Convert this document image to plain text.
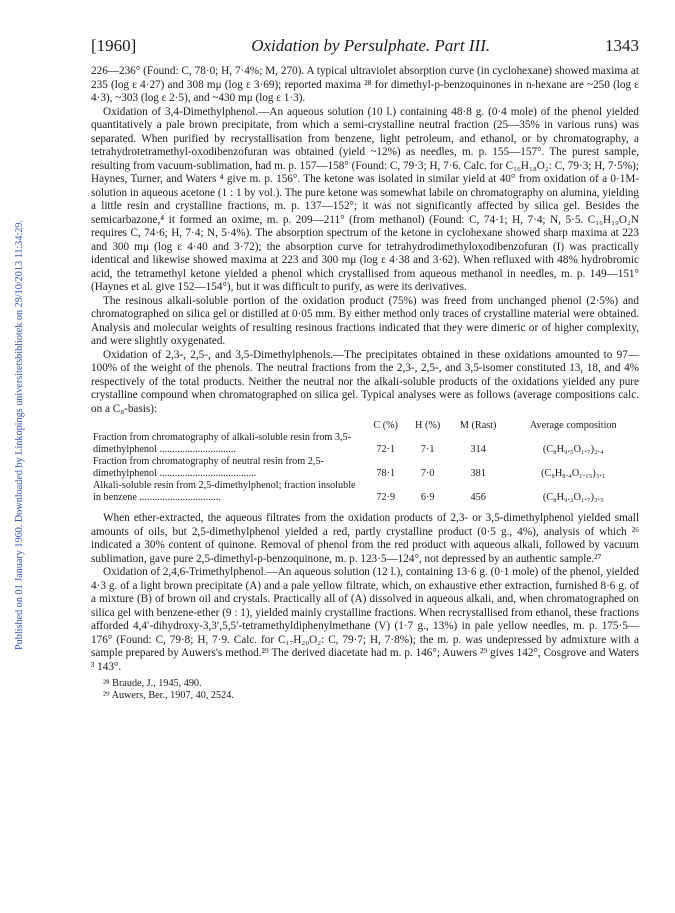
Published on 01 January 1960. Downloaded by Linkopings universitetsbibliotek on 29/10/2013 11:34:29.
[1960]	Oxidation by Persulphate. Part III.	1343

226—236° (Found: C, 78·0; H, 7·4%; M, 270). A typical ultraviolet absorption curve (in cyclohexane) showed maxima at 235 (log ε 4·27) and 308 mμ (log ε 3·69); reported maxima ²⁸ for dimethyl-p-benzoquinones in n-hexane are ~250 (log ε 4·3), ~303 (log ε 2·5), and ~430 mμ (log ε 1·3).

Oxidation of 3,4-Dimethylphenol.—An aqueous solution (10 l.) containing 48·8 g. (0·4 mole) of the phenol yielded quantitatively a pale brown precipitate, from which a semi-crystalline neutral fraction (25—35% in various runs) was separated. When purified by recrystallisation from benzene, light petroleum, and ethanol, or by chromatography, a tetrahydrotetramethyl-oxodibenzofuran was obtained (yield ~12%) as needles, m. p. 155—157°. The purest sample, resulting from vacuum-sublimation, had m. p. 157—158° (Found: C, 79·3; H, 7·6. Calc. for C₁₆H₁₈O₂: C, 79·3; H, 7·5%); Haynes, Turner, and Waters ⁴ give m. p. 156°. The ketone was isolated in similar yield at 40° from oxidation of a 0·1M-solution in aqueous acetone (1 : 1 by vol.). The pure ketone was somewhat labile on chromatography on alumina, yielding a little resin and crystalline fractions, m. p. 137—152°; it was not significantly affected by silica gel. Besides the semicarbazone,⁴ it formed an oxime, m. p. 209—211° (from methanol) (Found: C, 74·1; H, 7·4; N, 5·5. C₁₆H₁₉O₂N requires C, 74·6; H, 7·4; N, 5·4%). The absorption spectrum of the ketone in cyclohexane showed sharp maxima at 223 and 300 mμ (log ε 4·40 and 3·72); the absorption curve for tetrahydrodimethyloxodibenzofuran (I) was practically identical and likewise showed maxima at 223 and 300 mμ (log ε 4·38 and 3·62). When refluxed with 48% hydrobromic acid, the tetramethyl ketone yielded a phenol which crystallised from aqueous methanol in needles, m. p. 149—151° (Haynes et al. give 152—154°), but it was difficult to purify, as were its derivatives.

The resinous alkali-soluble portion of the oxidation product (75%) was freed from unchanged phenol (2·5%) and chromatographed on silica gel or distilled at 0·05 mm. By either method only traces of crystalline material were obtained. Analysis and molecular weights of resulting resinous fractions indicated that they were dimeric or of higher complexity, and were slightly oxygenated.

Oxidation of 2,3-, 2,5-, and 3,5-Dimethylphenols.—The precipitates obtained in these oxidations amounted to 97—100% of the weight of the phenols. The neutral fractions from the 2,3-, 2,5-, and 3,5-isomer constituted 13, 18, and 4% respectively of the total products. Neither the neutral nor the alkali-soluble products of the oxidations yielded any pure crystalline compound when chromatographed on silica gel. Typical analyses were as follows (average compositions calc. on a C₈-basis):

	C (%)	H (%)	M (Rast)	Average composition
Fraction from chromatography of alkali-soluble resin from 3,5-dimethylphenol ..............................	72·1	7·1	314	(C₈H₉.₅O₁.₇)₂.₄
Fraction from chromatography of neutral resin from 2,5-dimethylphenol ......................................	78·1	7·0	381	(C₈H₈.₄O₁.₁₅)₃.₁
Alkali-soluble resin from 2,5-dimethylphenol; fraction insoluble in benzene ................................	72·9	6·9	456	(C₈H₉.₂O₁.₇)₃.₅

When ether-extracted, the aqueous filtrates from the oxidation products of 2,3- or 3,5-dimethylphenol yielded small amounts of oils, but 2,5-dimethylphenol yielded a red, partly crystalline product (0·5 g., 4%), analysis of which ²⁶ indicated a 30% content of quinone. Removal of phenol from the red product with aqueous alkali, followed by vacuum sublimation, gave pure 2,5-dimethyl-p-benzoquinone, m. p. 123·5—124°, not depressed by an authentic sample.²⁷

Oxidation of 2,4,6-Trimethylphenol.—An aqueous solution (12 l.), containing 13·6 g. (0·1 mole) of the phenol, yielded 4·3 g. of a light brown precipitate (A) and a pale yellow filtrate, which, on exhaustive ether extraction, furnished 8·6 g. of a mixture (B) of brown oil and crystals. Practically all of (A) dissolved in aqueous alkali, and, when chromatographed on silica gel with benzene-ether (9 : 1), yielded mainly crystalline fractions. When recrystallised from ethanol, these fractions afforded 4,4′-dihydroxy-3,3′,5,5′-tetramethyldiphenylmethane (V) (1·7 g., 13%) in pale yellow needles, m. p. 175·5—176° (Found: C, 79·8; H, 7·9. Calc. for C₁₇H₂₀O₂: C, 79·7; H, 7·8%); the m. p. was undepressed by admixture with a sample prepared by Auwers's method.²⁹ The derived diacetate had m. p. 146°; Auwers ²⁹ gives 142°, Cosgrove and Waters ³ 143°.

²⁸ Braude, J., 1945, 490.
²⁹ Auwers, Ber., 1907, 40, 2524.
